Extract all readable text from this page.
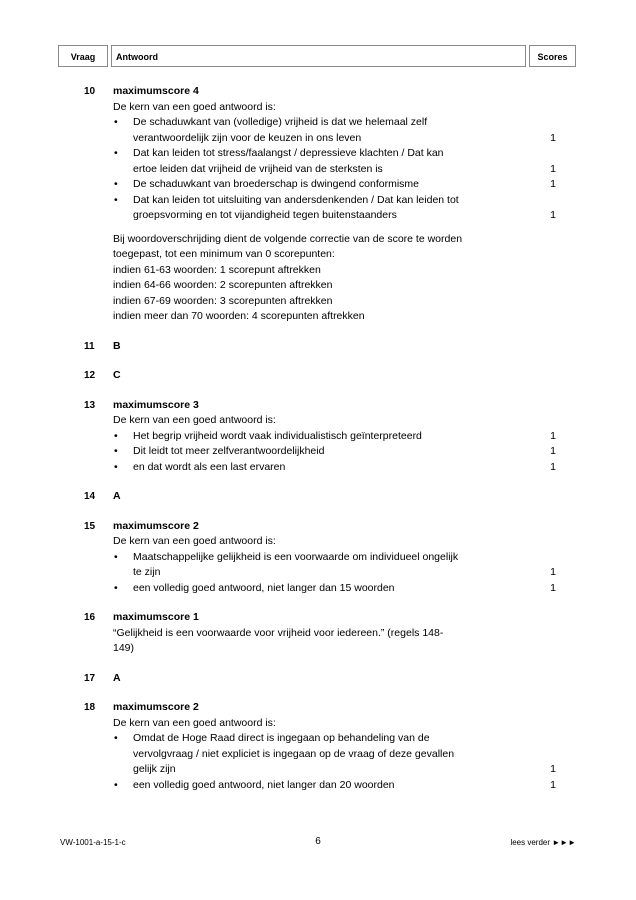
Vraag	Antwoord	Scores
10	maximumscore 4
De kern van een goed antwoord is:
• De schaduwkant van (volledige) vrijheid is dat we helemaal zelf
verantwoordelijk zijn voor de keuzen in ons leven	1
• Dat kan leiden tot stress/faalangst / depressieve klachten / Dat kan
ertoe leiden dat vrijheid de vrijheid van de sterksten is	1
• De schaduwkant van broederschap is dwingend conformisme	1
• Dat kan leiden tot uitsluiting van andersdenkenden / Dat kan leiden tot
groepsvorming en tot vijandigheid tegen buitenstaanders	1
Bij woordoverschrijding dient de volgende correctie van de score te worden
toegepast, tot een minimum van 0 scorepunten:
indien 61-63 woorden: 1 scorepunt aftrekken
indien 64-66 woorden: 2 scorepunten aftrekken
indien 67-69 woorden: 3 scorepunten aftrekken
indien meer dan 70 woorden: 4 scorepunten aftrekken
11	B
12	C
13	maximumscore 3
De kern van een goed antwoord is:
• Het begrip vrijheid wordt vaak individualistisch geïnterpreteerd	1
• Dit leidt tot meer zelfverantwoordelijkheid	1
• en dat wordt als een last ervaren	1
14	A
15	maximumscore 2
De kern van een goed antwoord is:
• Maatschappelijke gelijkheid is een voorwaarde om individueel ongelijk
te zijn	1
• een volledig goed antwoord, niet langer dan 15 woorden	1
16	maximumscore 1
“Gelijkheid is een voorwaarde voor vrijheid voor iedereen.” (regels 148-
149)
17	A
18	maximumscore 2
De kern van een goed antwoord is:
• Omdat de Hoge Raad direct is ingegaan op behandeling van de
vervolgvraag / niet expliciet is ingegaan op de vraag of deze gevallen
gelijk zijn	1
• een volledig goed antwoord, niet langer dan 20 woorden	1
VW-1001-a-15-1-c	6	lees verder ►►►
